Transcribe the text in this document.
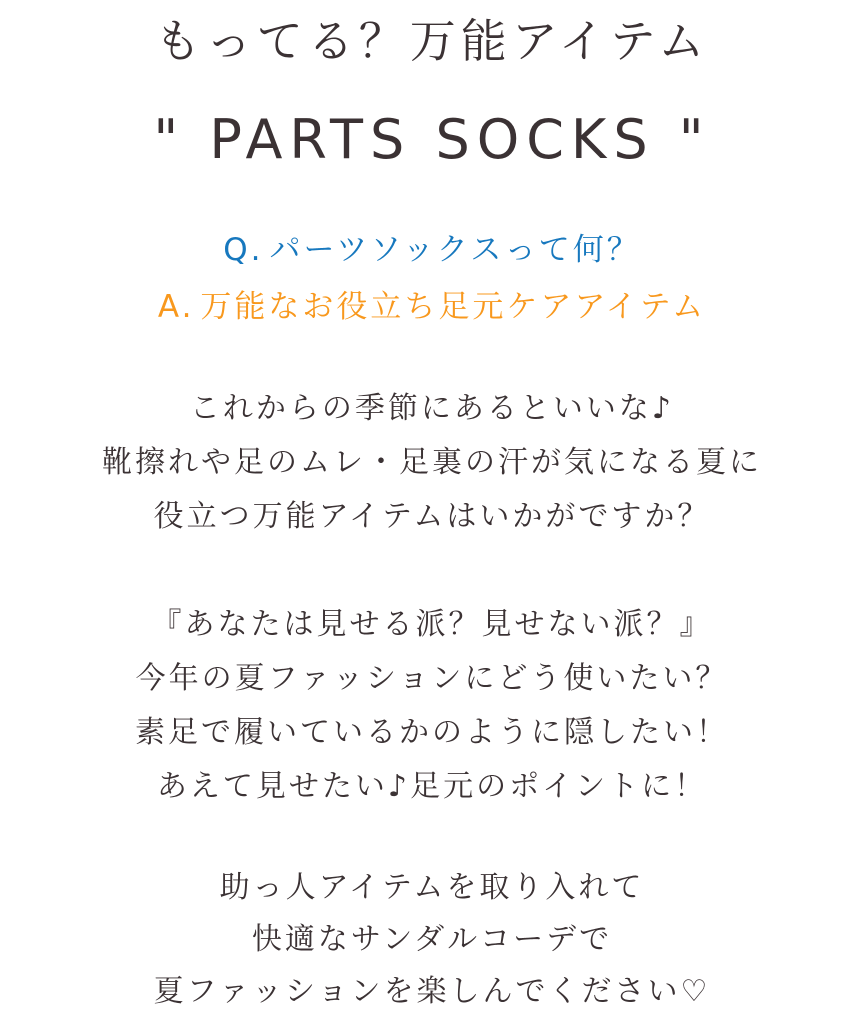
もってる？万能アイテム
" PARTS SOCKS "
Q. パーツソックスって何？
A. 万能なお役立ち足元ケアアイテム
これからの季節にあるといいな♪
靴擦れや足のムレ・足裏の汗が気になる夏に
役立つ万能アイテムはいかがですか？
『あなたは見せる派？見せない派？』
今年の夏ファッションにどう使いたい？
素足で履いているかのように隠したい！
あえて見せたい♪足元のポイントに！
助っ人アイテムを取り入れて
快適なサンダルコーデで
夏ファッションを楽しんでください♡
